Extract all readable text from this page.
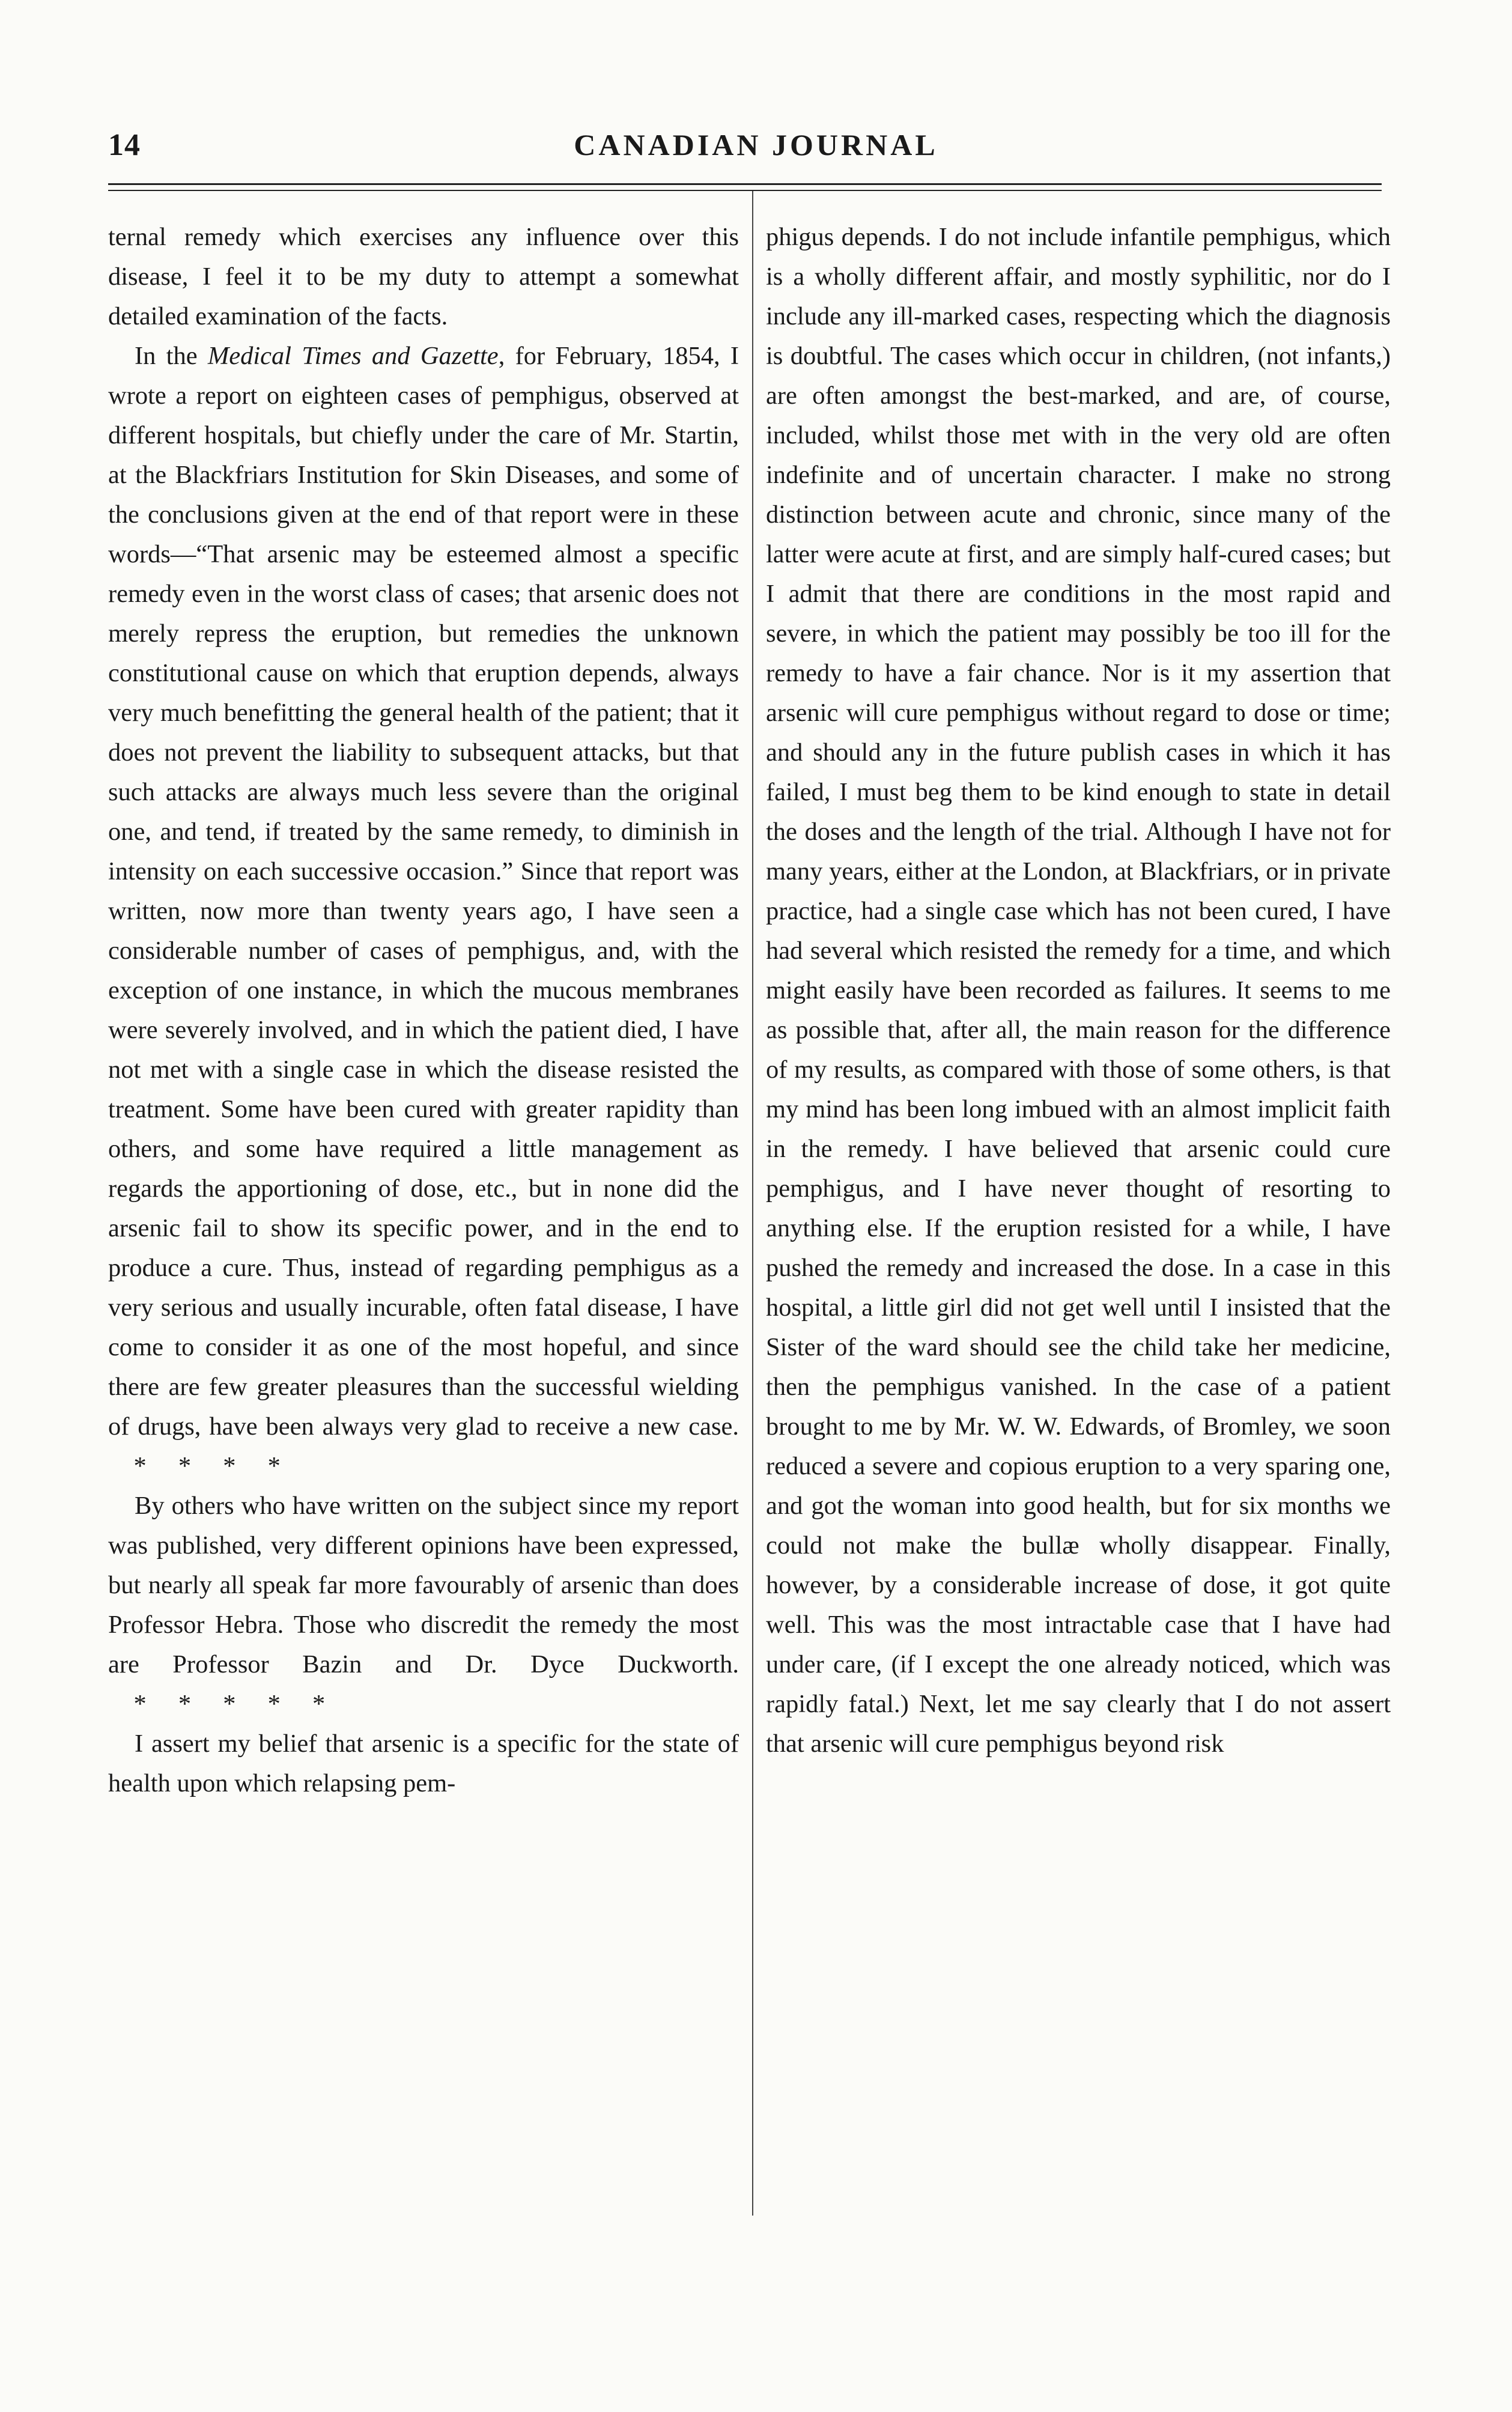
14	CANADIAN JOURNAL

ternal remedy which exercises any influence over this disease, I feel it to be my duty to attempt a somewhat detailed examination of the facts.

In the Medical Times and Gazette, for February, 1854, I wrote a report on eighteen cases of pemphigus, observed at different hospitals, but chiefly under the care of Mr. Startin, at the Blackfriars Institution for Skin Diseases, and some of the conclusions given at the end of that report were in these words—“That arsenic may be esteemed almost a specific remedy even in the worst class of cases; that arsenic does not merely repress the eruption, but remedies the unknown constitutional cause on which that eruption depends, always very much benefitting the general health of the patient; that it does not prevent the liability to subsequent attacks, but that such attacks are always much less severe than the original one, and tend, if treated by the same remedy, to diminish in intensity on each successive occasion.” Since that report was written, now more than twenty years ago, I have seen a considerable number of cases of pemphigus, and, with the exception of one instance, in which the mucous membranes were severely involved, and in which the patient died, I have not met with a single case in which the disease resisted the treatment. Some have been cured with greater rapidity than others, and some have required a little management as regards the apportioning of dose, etc., but in none did the arsenic fail to show its specific power, and in the end to produce a cure. Thus, instead of regarding pemphigus as a very serious and usually incurable, often fatal disease, I have come to consider it as one of the most hopeful, and since there are few greater pleasures than the successful wielding of drugs, have been always very glad to receive a new case.    *     *     *     *

By others who have written on the subject since my report was published, very different opinions have been expressed, but nearly all speak far more favourably of arsenic than does Professor Hebra. Those who discredit the remedy the most are Professor Bazin and Dr. Dyce Duckworth.    *     *     *     *     *

I assert my belief that arsenic is a specific for the state of health upon which relapsing pem-

phigus depends. I do not include infantile pemphigus, which is a wholly different affair, and mostly syphilitic, nor do I include any ill-marked cases, respecting which the diagnosis is doubtful. The cases which occur in children, (not infants,) are often amongst the best-marked, and are, of course, included, whilst those met with in the very old are often indefinite and of uncertain character. I make no strong distinction between acute and chronic, since many of the latter were acute at first, and are simply half-cured cases; but I admit that there are conditions in the most rapid and severe, in which the patient may possibly be too ill for the remedy to have a fair chance. Nor is it my assertion that arsenic will cure pemphigus without regard to dose or time; and should any in the future publish cases in which it has failed, I must beg them to be kind enough to state in detail the doses and the length of the trial. Although I have not for many years, either at the London, at Blackfriars, or in private practice, had a single case which has not been cured, I have had several which resisted the remedy for a time, and which might easily have been recorded as failures. It seems to me as possible that, after all, the main reason for the difference of my results, as compared with those of some others, is that my mind has been long imbued with an almost implicit faith in the remedy. I have believed that arsenic could cure pemphigus, and I have never thought of resorting to anything else. If the eruption resisted for a while, I have pushed the remedy and increased the dose. In a case in this hospital, a little girl did not get well until I insisted that the Sister of the ward should see the child take her medicine, then the pemphigus vanished. In the case of a patient brought to me by Mr. W. W. Edwards, of Bromley, we soon reduced a severe and copious eruption to a very sparing one, and got the woman into good health, but for six months we could not make the bullæ wholly disappear. Finally, however, by a considerable increase of dose, it got quite well. This was the most intractable case that I have had under care, (if I except the one already noticed, which was rapidly fatal.) Next, let me say clearly that I do not assert that arsenic will cure pemphigus beyond risk
